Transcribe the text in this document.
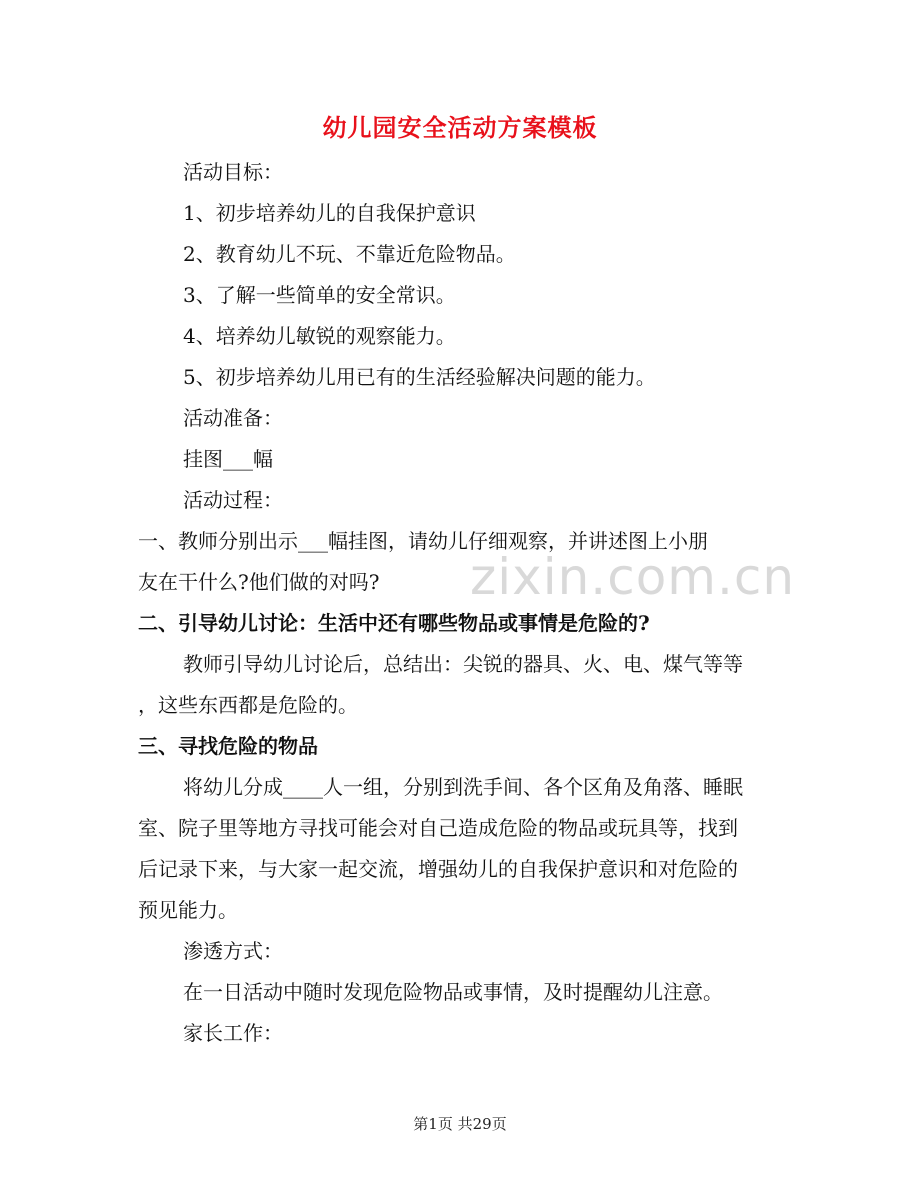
zixin.com.cn
幼儿园安全活动方案模板
活动目标：
1、初步培养幼儿的自我保护意识
2、教育幼儿不玩、不靠近危险物品。
3、了解一些简单的安全常识。
4、培养幼儿敏锐的观察能力。
5、初步培养幼儿用已有的生活经验解决问题的能力。
活动准备：
挂图___幅
活动过程：
一、教师分别出示___幅挂图，请幼儿仔细观察，并讲述图上小朋
友在干什么?他们做的对吗?
二、引导幼儿讨论：生活中还有哪些物品或事情是危险的?
教师引导幼儿讨论后，总结出：尖锐的器具、火、电、煤气等等
，这些东西都是危险的。
三、寻找危险的物品
将幼儿分成____人一组，分别到洗手间、各个区角及角落、睡眠
室、院子里等地方寻找可能会对自己造成危险的物品或玩具等，找到
后记录下来，与大家一起交流，增强幼儿的自我保护意识和对危险的
预见能力。
渗透方式：
在一日活动中随时发现危险物品或事情，及时提醒幼儿注意。
家长工作：
第1页 共29页
